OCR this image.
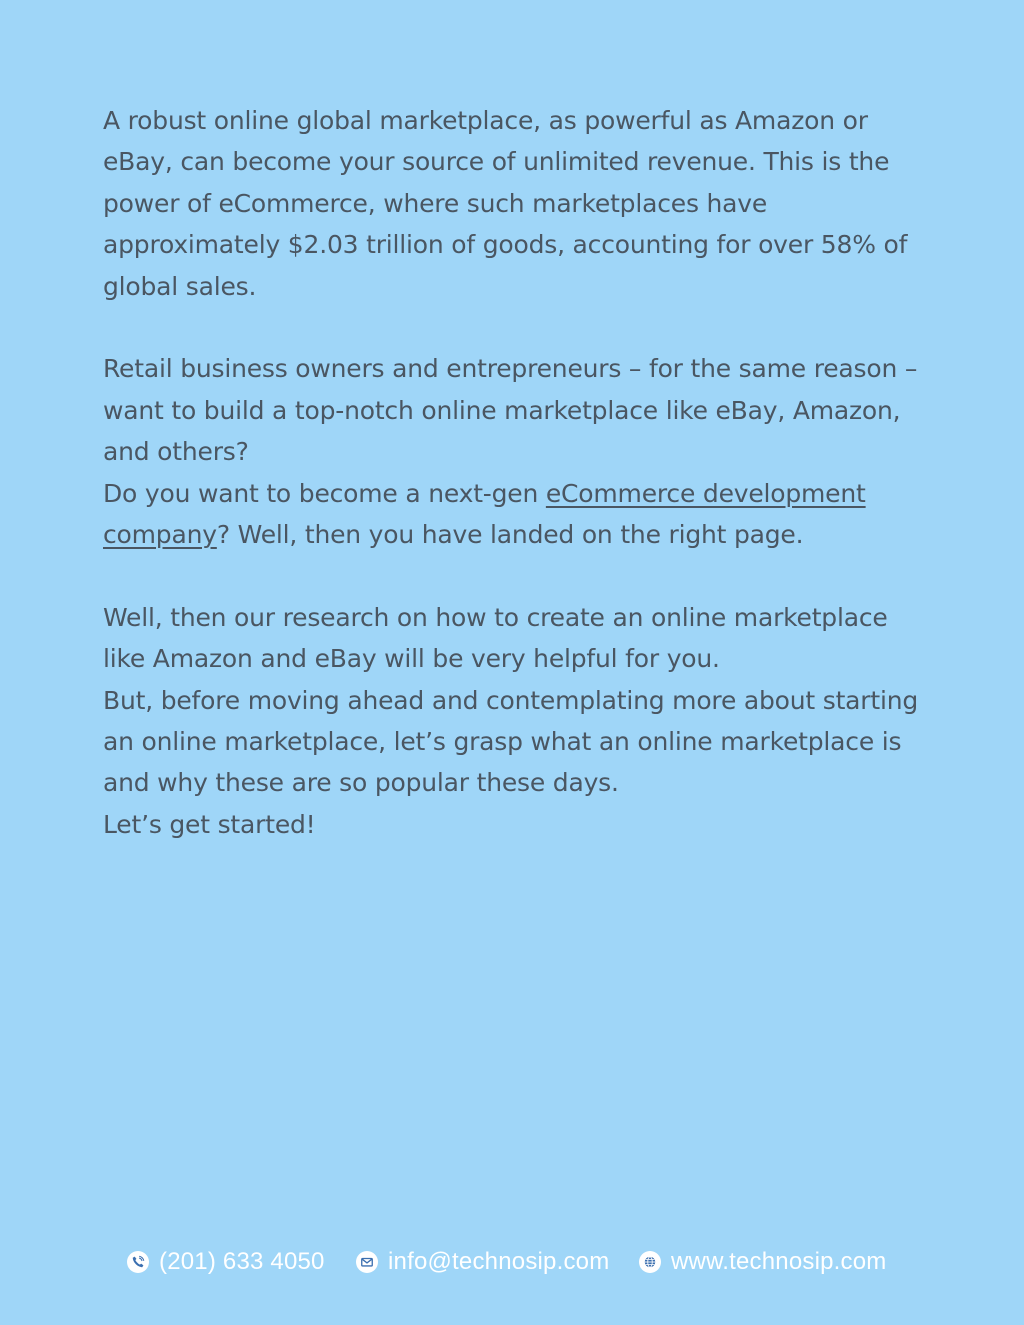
A robust online global marketplace, as powerful as Amazon or eBay, can become your source of unlimited revenue. This is the power of eCommerce, where such marketplaces have approximately $2.03 trillion of goods, accounting for over 58% of global sales.

Retail business owners and entrepreneurs – for the same reason – want to build a top-notch online marketplace like eBay, Amazon, and others?
Do you want to become a next-gen eCommerce development company? Well, then you have landed on the right page.

Well, then our research on how to create an online marketplace like Amazon and eBay will be very helpful for you.
But, before moving ahead and contemplating more about starting an online marketplace, let’s grasp what an online marketplace is and why these are so popular these days.
Let’s get started!

(201) 633 4050	info@technosip.com	www.technosip.com
